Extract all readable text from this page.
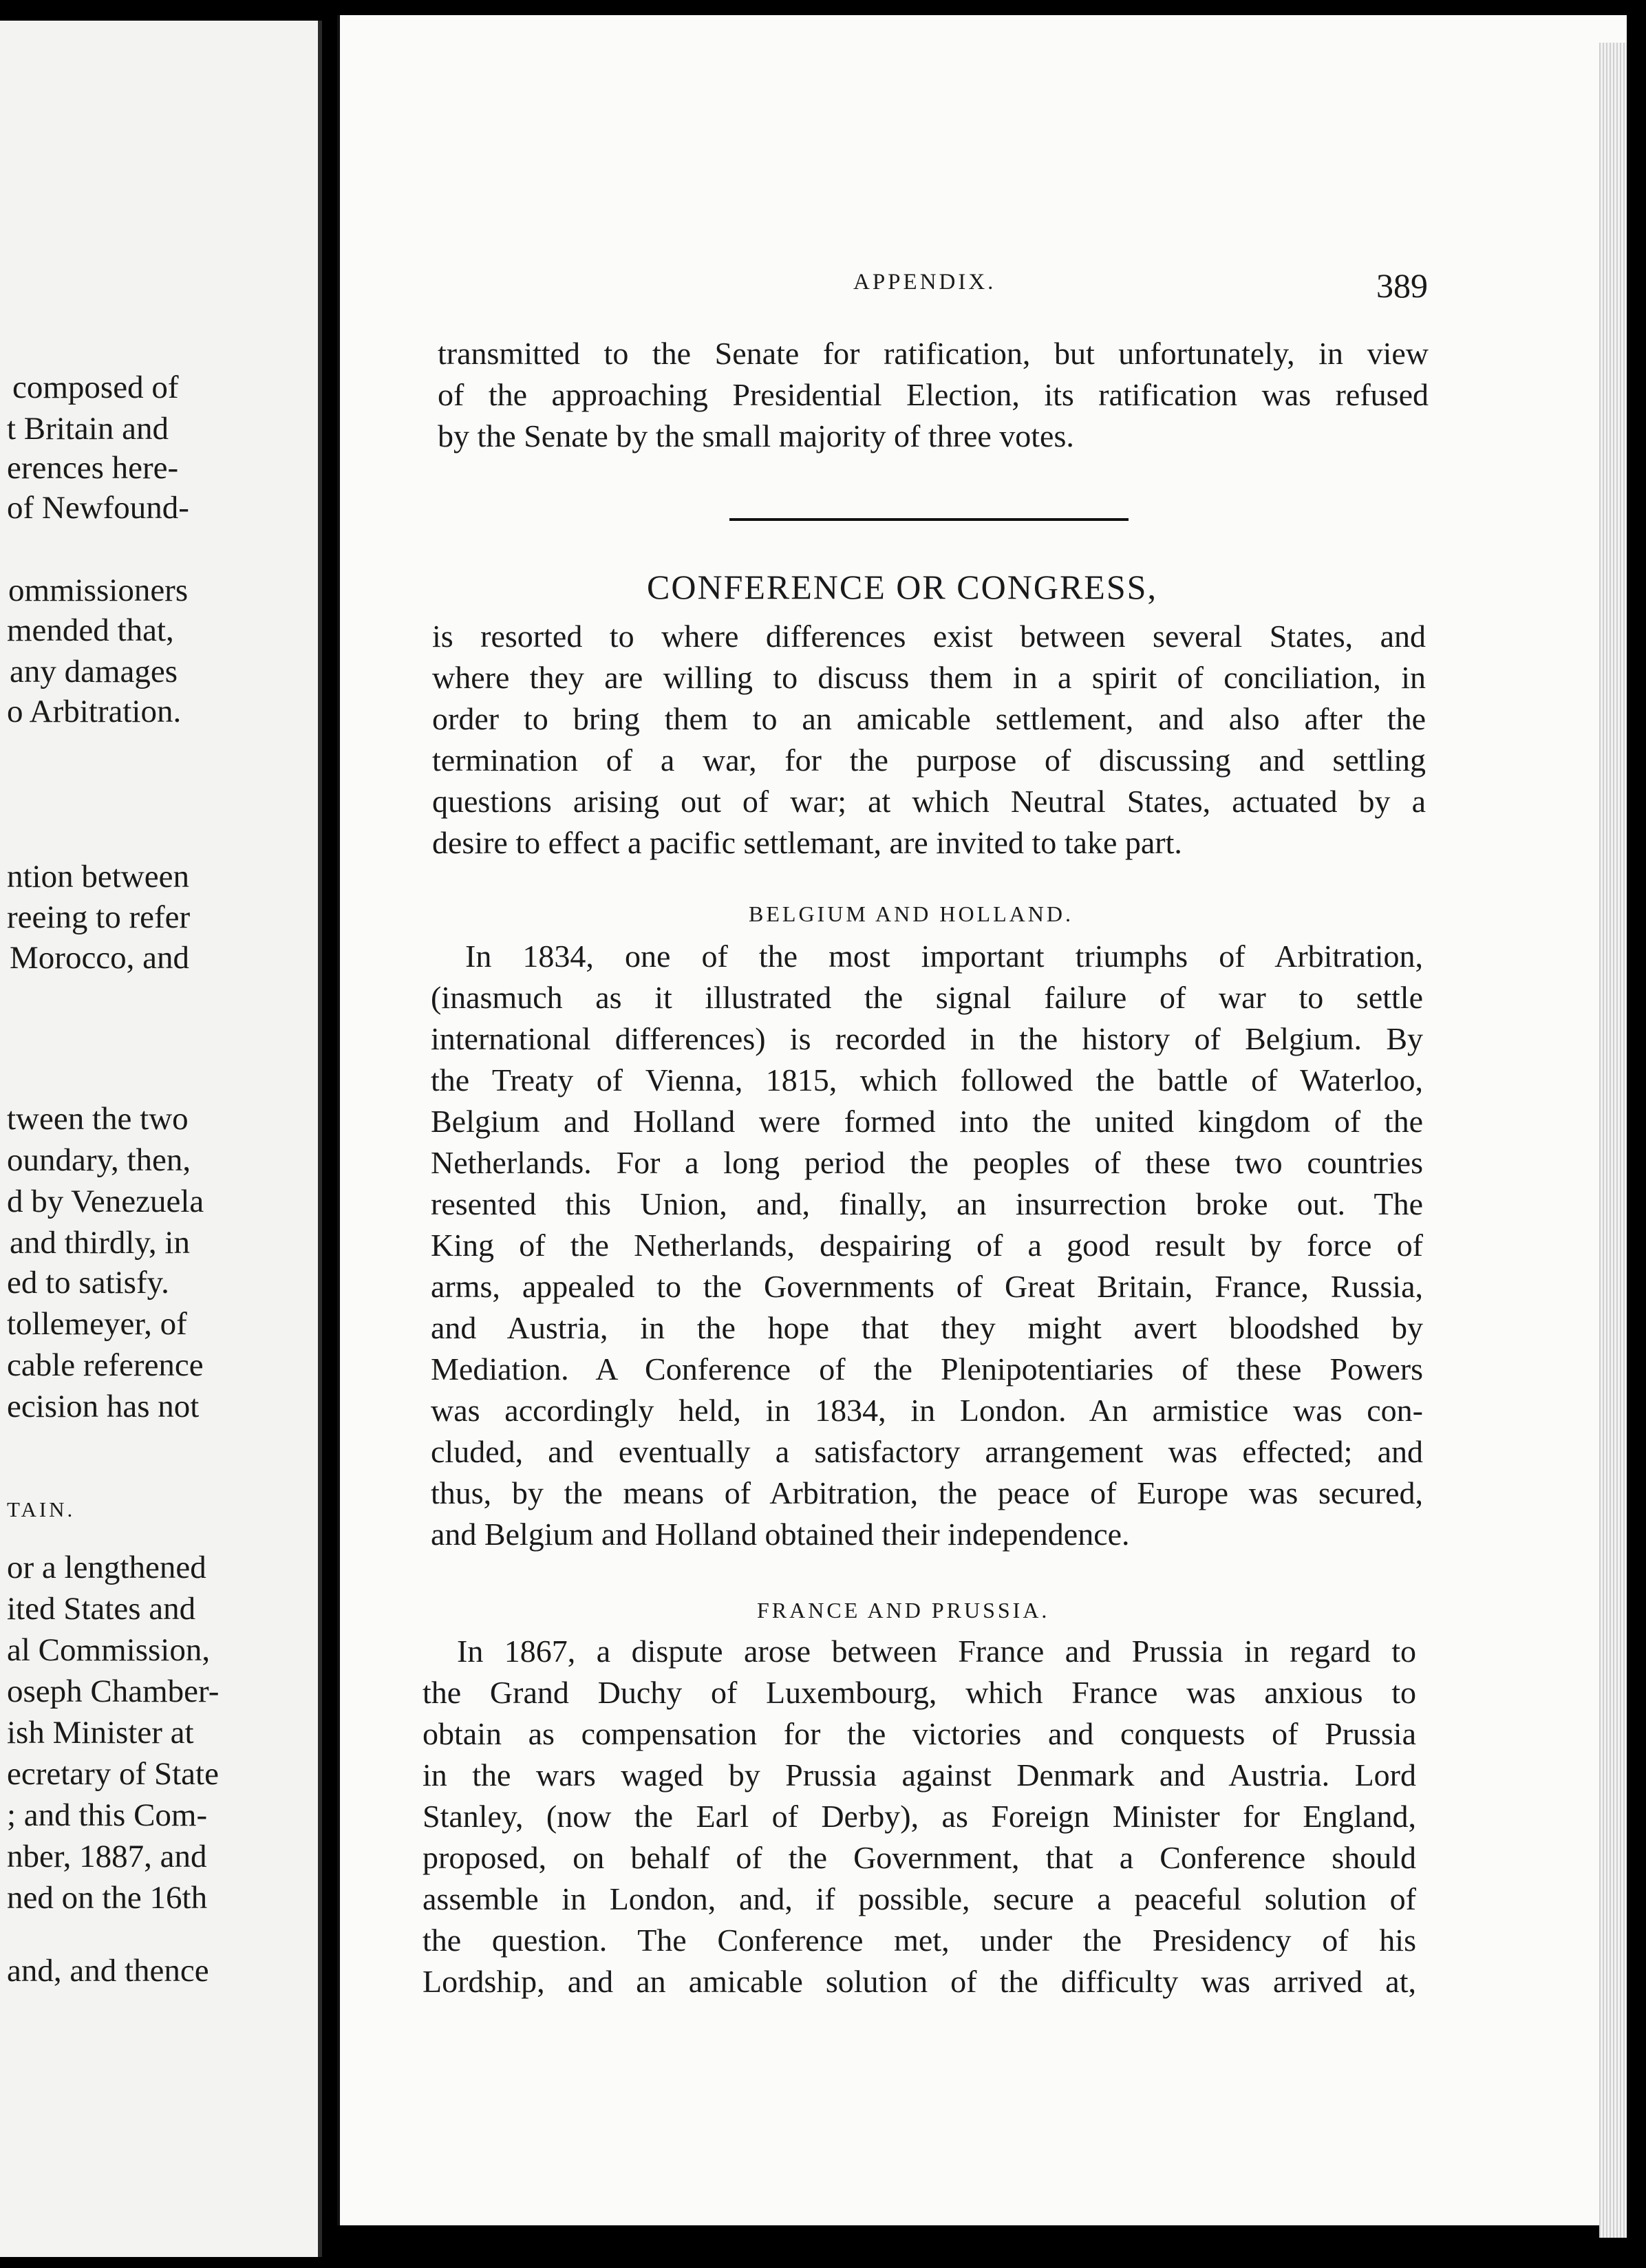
composed of
t Britain and
erences here-
of Newfound-
ommissioners
mended that,
any damages
o Arbitration.
ntion between
reeing to refer
Morocco, and
tween the two
oundary, then,
d by Venezuela
and thirdly, in
ed to satisfy.
tollemeyer, of
cable reference
ecision has not
TAIN.
or a lengthened
ited States and
al Commission,
oseph Chamber-
ish Minister at
ecretary of State
; and this Com-
nber, 1887, and
ned on the 16th
and, and thence
APPENDIX.	389
transmitted to the Senate for ratification, but unfortunately, in view
of the approaching Presidential Election, its ratification was refused
by the Senate by the small majority of three votes.
CONFERENCE OR CONGRESS,
is resorted to where differences exist between several States, and
where they are willing to discuss them in a spirit of conciliation, in
order to bring them to an amicable settlement, and also after the
termination of a war, for the purpose of discussing and settling
questions arising out of war; at which Neutral States, actuated by a
desire to effect a pacific settlemant, are invited to take part.
BELGIUM AND HOLLAND.
In 1834, one of the most important triumphs of Arbitration,
(inasmuch as it illustrated the signal failure of war to settle
international differences) is recorded in the history of Belgium. By
the Treaty of Vienna, 1815, which followed the battle of Waterloo,
Belgium and Holland were formed into the united kingdom of the
Netherlands. For a long period the peoples of these two countries
resented this Union, and, finally, an insurrection broke out. The
King of the Netherlands, despairing of a good result by force of
arms, appealed to the Governments of Great Britain, France, Russia,
and Austria, in the hope that they might avert bloodshed by
Mediation. A Conference of the Plenipotentiaries of these Powers
was accordingly held, in 1834, in London. An armistice was con-
cluded, and eventually a satisfactory arrangement was effected; and
thus, by the means of Arbitration, the peace of Europe was secured,
and Belgium and Holland obtained their independence.
FRANCE AND PRUSSIA.
In 1867, a dispute arose between France and Prussia in regard to
the Grand Duchy of Luxembourg, which France was anxious to
obtain as compensation for the victories and conquests of Prussia
in the wars waged by Prussia against Denmark and Austria. Lord
Stanley, (now the Earl of Derby), as Foreign Minister for England,
proposed, on behalf of the Government, that a Conference should
assemble in London, and, if possible, secure a peaceful solution of
the question. The Conference met, under the Presidency of his
Lordship, and an amicable solution of the difficulty was arrived at,
